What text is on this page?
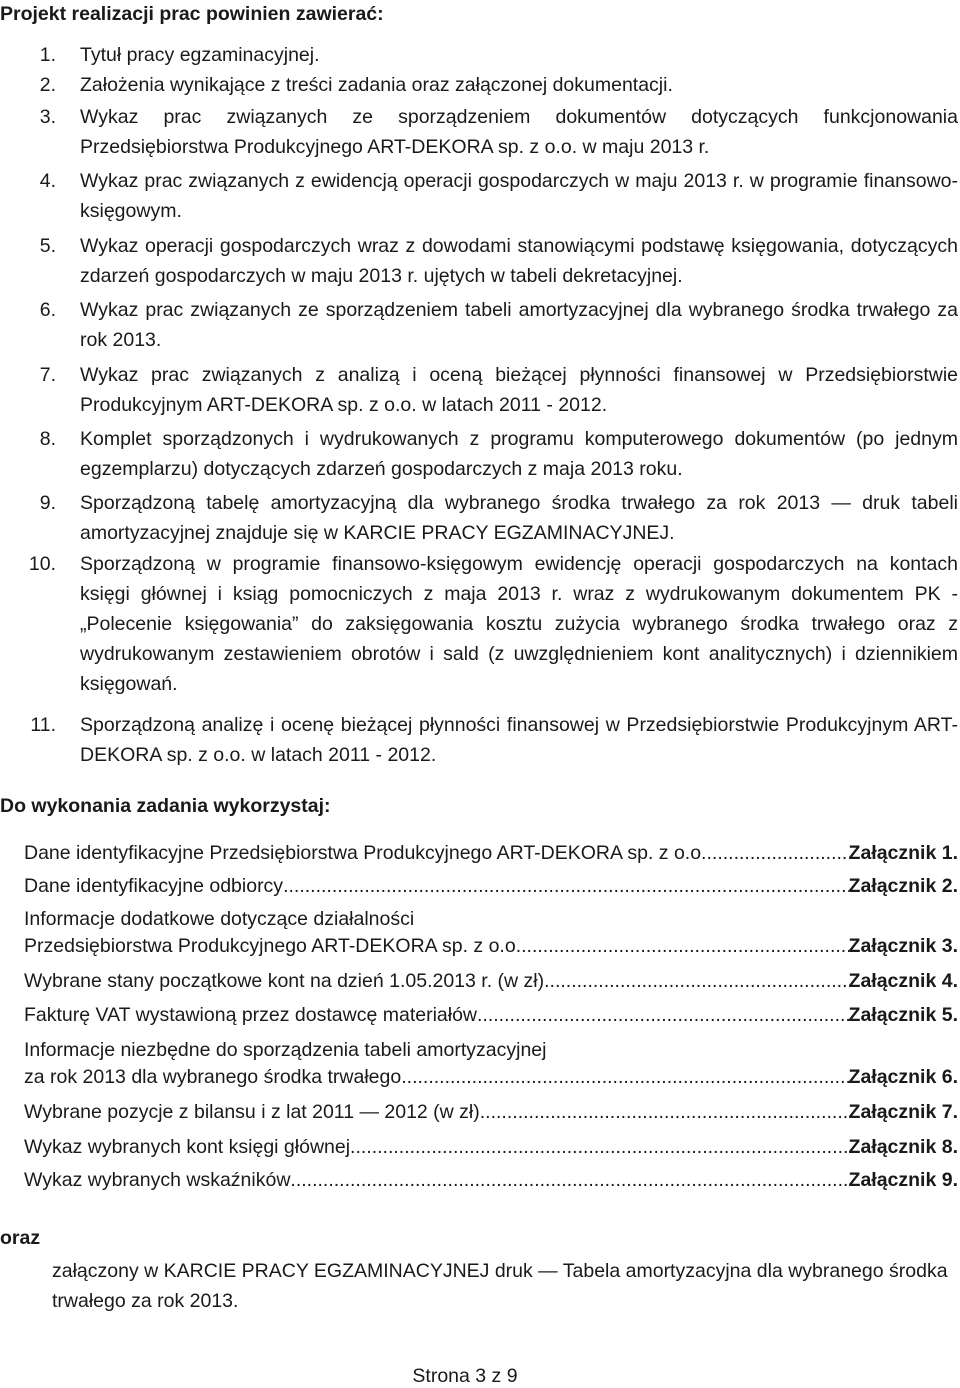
Projekt realizacji prac powinien zawierać:
1. Tytuł pracy egzaminacyjnej.
2. Założenia wynikające z treści zadania oraz załączonej dokumentacji.
3. Wykaz prac związanych ze sporządzeniem dokumentów dotyczących funkcjonowania Przedsiębiorstwa Produkcyjnego ART-DEKORA sp. z o.o. w maju 2013 r.
4. Wykaz prac związanych z ewidencją operacji gospodarczych w maju 2013 r. w programie finansowo-księgowym.
5. Wykaz operacji gospodarczych wraz z dowodami stanowiącymi podstawę księgowania, dotyczących zdarzeń gospodarczych w maju 2013 r. ujętych w tabeli dekretacyjnej.
6. Wykaz prac związanych ze sporządzeniem tabeli amortyzacyjnej dla wybranego środka trwałego za rok 2013.
7. Wykaz prac związanych z analizą i oceną bieżącej płynności finansowej w Przedsiębiorstwie Produkcyjnym ART-DEKORA sp. z o.o. w latach 2011 - 2012.
8. Komplet sporządzonych i wydrukowanych z programu komputerowego dokumentów (po jednym egzemplarzu) dotyczących zdarzeń gospodarczych z maja 2013 roku.
9. Sporządzoną tabelę amortyzacyjną dla wybranego środka trwałego za rok 2013 — druk tabeli amortyzacyjnej znajduje się w KARCIE PRACY EGZAMINACYJNEJ.
10. Sporządzoną w programie finansowo-księgowym ewidencję operacji gospodarczych na kontach księgi głównej i ksiąg pomocniczych z maja 2013 r. wraz z wydrukowanym dokumentem PK - „Polecenie księgowania” do zaksięgowania kosztu zużycia wybranego środka trwałego oraz z wydrukowanym zestawieniem obrotów i sald (z uwzględnieniem kont analitycznych) i dziennikiem księgowań.
11. Sporządzoną analizę i ocenę bieżącej płynności finansowej w Przedsiębiorstwie Produkcyjnym ART-DEKORA sp. z o.o. w latach 2011 - 2012.
Do wykonania zadania wykorzystaj:
Dane identyfikacyjne Przedsiębiorstwa Produkcyjnego ART-DEKORA sp. z o.o. .....	Załącznik 1.
Dane identyfikacyjne odbiorcy .....	Załącznik 2.
Informacje dodatkowe dotyczące działalności
Przedsiębiorstwa Produkcyjnego ART-DEKORA sp. z o.o.. .....	Załącznik 3.
Wybrane stany początkowe kont na dzień 1.05.2013 r. (w zł) .....	Załącznik 4.
Fakturę VAT wystawioną przez dostawcę materiałów .....	Załącznik 5.
Informacje niezbędne do sporządzenia tabeli amortyzacyjnej
za rok 2013 dla wybranego środka trwałego .....	Załącznik 6.
Wybrane pozycje z bilansu i z lat 2011 — 2012 (w zł) .....	Załącznik 7.
Wykaz wybranych kont księgi głównej .....	Załącznik 8.
Wykaz wybranych wskaźników .....	Załącznik 9.
oraz
załączony w KARCIE PRACY EGZAMINACYJNEJ druk — Tabela amortyzacyjna dla wybranego środka trwałego za rok 2013.
Strona 3 z 9
